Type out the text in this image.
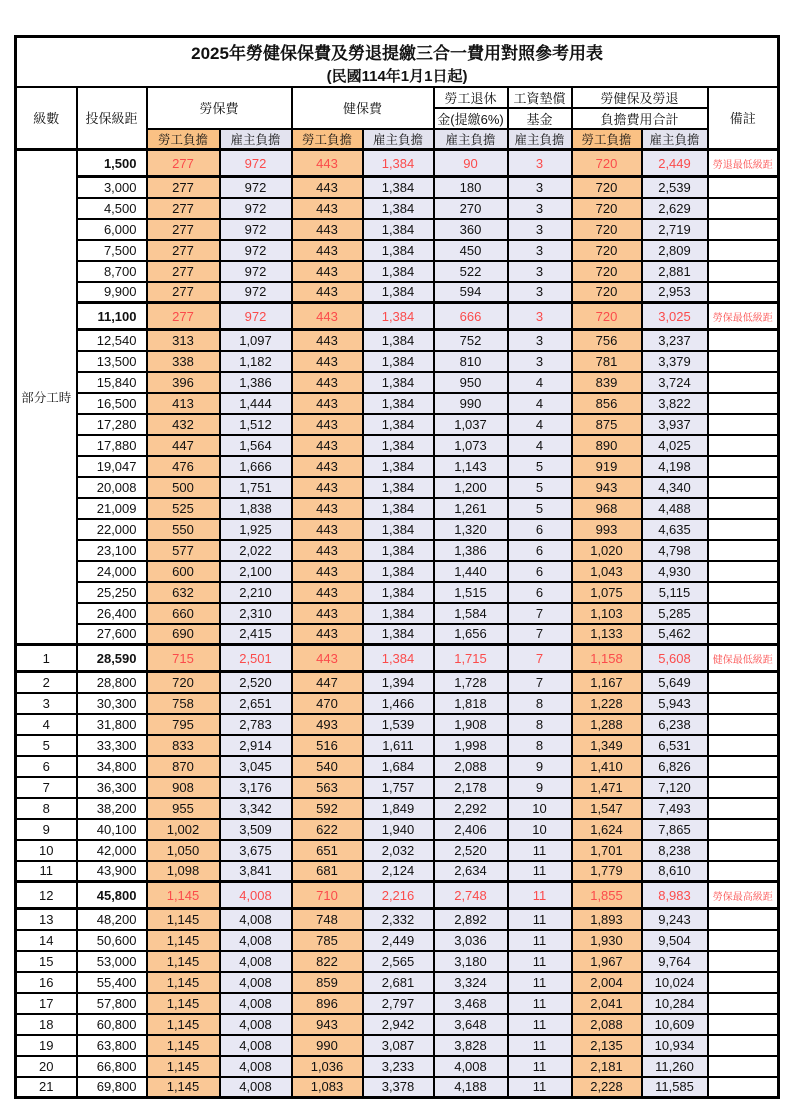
2025年勞健保保費及勞退提繳三合一費用對照參考用表										
(民國114年1月1日起)										
級數	投保級距	勞保費		健保費		勞工退休	工資墊償	勞健保及勞退		備註
						金(提繳6%)	基金	負擔費用合計		
		勞工負擔	雇主負擔	勞工負擔	雇主負擔	雇主負擔	雇主負擔	勞工負擔	雇主負擔	
部分工時	1,500	277	972	443	1,384	90	3	720	2,449	勞退最低級距
	3,000	277	972	443	1,384	180	3	720	2,539	
	4,500	277	972	443	1,384	270	3	720	2,629	
	6,000	277	972	443	1,384	360	3	720	2,719	
	7,500	277	972	443	1,384	450	3	720	2,809	
	8,700	277	972	443	1,384	522	3	720	2,881	
	9,900	277	972	443	1,384	594	3	720	2,953	
	11,100	277	972	443	1,384	666	3	720	3,025	勞保最低級距
	12,540	313	1,097	443	1,384	752	3	756	3,237	
	13,500	338	1,182	443	1,384	810	3	781	3,379	
	15,840	396	1,386	443	1,384	950	4	839	3,724	
	16,500	413	1,444	443	1,384	990	4	856	3,822	
	17,280	432	1,512	443	1,384	1,037	4	875	3,937	
	17,880	447	1,564	443	1,384	1,073	4	890	4,025	
	19,047	476	1,666	443	1,384	1,143	5	919	4,198	
	20,008	500	1,751	443	1,384	1,200	5	943	4,340	
	21,009	525	1,838	443	1,384	1,261	5	968	4,488	
	22,000	550	1,925	443	1,384	1,320	6	993	4,635	
	23,100	577	2,022	443	1,384	1,386	6	1,020	4,798	
	24,000	600	2,100	443	1,384	1,440	6	1,043	4,930	
	25,250	632	2,210	443	1,384	1,515	6	1,075	5,115	
	26,400	660	2,310	443	1,384	1,584	7	1,103	5,285	
	27,600	690	2,415	443	1,384	1,656	7	1,133	5,462	
1	28,590	715	2,501	443	1,384	1,715	7	1,158	5,608	健保最低級距
2	28,800	720	2,520	447	1,394	1,728	7	1,167	5,649	
3	30,300	758	2,651	470	1,466	1,818	8	1,228	5,943	
4	31,800	795	2,783	493	1,539	1,908	8	1,288	6,238	
5	33,300	833	2,914	516	1,611	1,998	8	1,349	6,531	
6	34,800	870	3,045	540	1,684	2,088	9	1,410	6,826	
7	36,300	908	3,176	563	1,757	2,178	9	1,471	7,120	
8	38,200	955	3,342	592	1,849	2,292	10	1,547	7,493	
9	40,100	1,002	3,509	622	1,940	2,406	10	1,624	7,865	
10	42,000	1,050	3,675	651	2,032	2,520	11	1,701	8,238	
11	43,900	1,098	3,841	681	2,124	2,634	11	1,779	8,610	
12	45,800	1,145	4,008	710	2,216	2,748	11	1,855	8,983	勞保最高級距
13	48,200	1,145	4,008	748	2,332	2,892	11	1,893	9,243	
14	50,600	1,145	4,008	785	2,449	3,036	11	1,930	9,504	
15	53,000	1,145	4,008	822	2,565	3,180	11	1,967	9,764	
16	55,400	1,145	4,008	859	2,681	3,324	11	2,004	10,024	
17	57,800	1,145	4,008	896	2,797	3,468	11	2,041	10,284	
18	60,800	1,145	4,008	943	2,942	3,648	11	2,088	10,609	
19	63,800	1,145	4,008	990	3,087	3,828	11	2,135	10,934	
20	66,800	1,145	4,008	1,036	3,233	4,008	11	2,181	11,260	
21	69,800	1,145	4,008	1,083	3,378	4,188	11	2,228	11,585	
